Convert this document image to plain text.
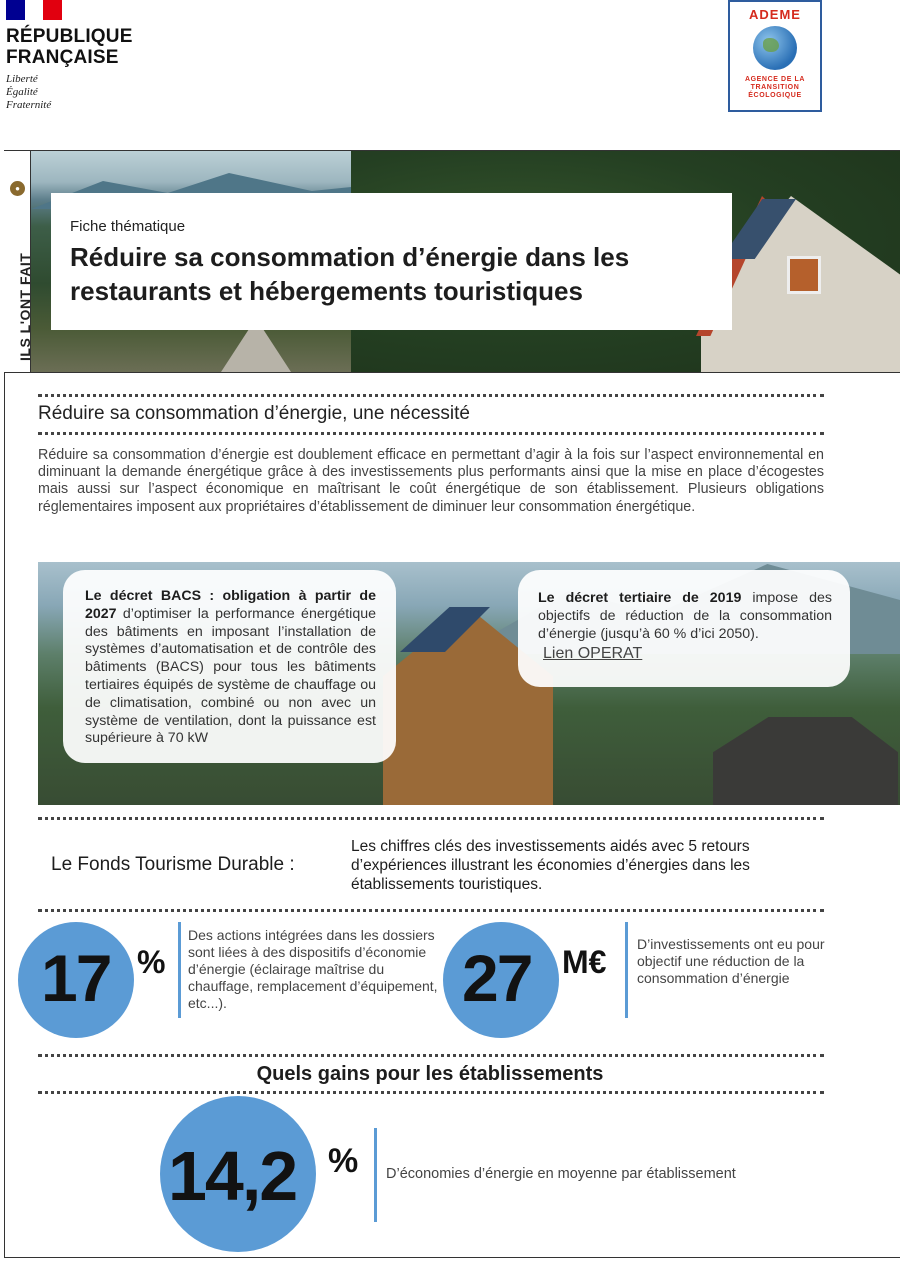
RÉPUBLIQUE
FRANÇAISE
Liberté
Égalité
Fraternité
ADEME
AGENCE DE LA
TRANSITION
ÉCOLOGIQUE
●
ILS L'ONT FAIT
Fiche thématique
Réduire sa consommation d’énergie dans les restaurants et hébergements touristiques
Réduire sa consommation d’énergie, une nécessité
Réduire sa consommation d’énergie est doublement efficace en permettant d’agir à la fois sur l’aspect environnemental en diminuant la demande énergétique grâce à des investissements plus performants ainsi que la mise en place d’écogestes mais aussi sur l’aspect économique en maîtrisant le coût énergétique de son établissement. Plusieurs obligations réglementaires imposent aux propriétaires d’établissement de diminuer leur consommation énergétique.
Le décret BACS : obligation à partir de 2027 d’optimiser la performance énergétique des bâtiments en imposant l’installation de systèmes d’automatisation et de contrôle des bâtiments (BACS) pour tous les bâtiments tertiaires équipés de système de chauffage ou de climatisation, combiné ou non avec un système de ventilation, dont la puissance est supérieure à 70 kW
Le décret tertiaire de 2019 impose des objectifs de réduction de la consommation d’énergie (jusqu’à 60 % d’ici 2050).
Lien OPERAT
Le Fonds Tourisme Durable :
Les chiffres clés des investissements aidés avec 5 retours d’expériences illustrant les économies d’énergies dans les établissements touristiques.
17 %
Des actions intégrées dans les dossiers sont liées à des dispositifs d’économie d’énergie (éclairage maîtrise du chauffage, remplacement d’équipement, etc...).	27 M€ D’investissements ont eu pour objectif une réduction de la consommation d’énergie
Quels gains pour les établissements
14,2 % D’économies d’énergie en moyenne par établissement
